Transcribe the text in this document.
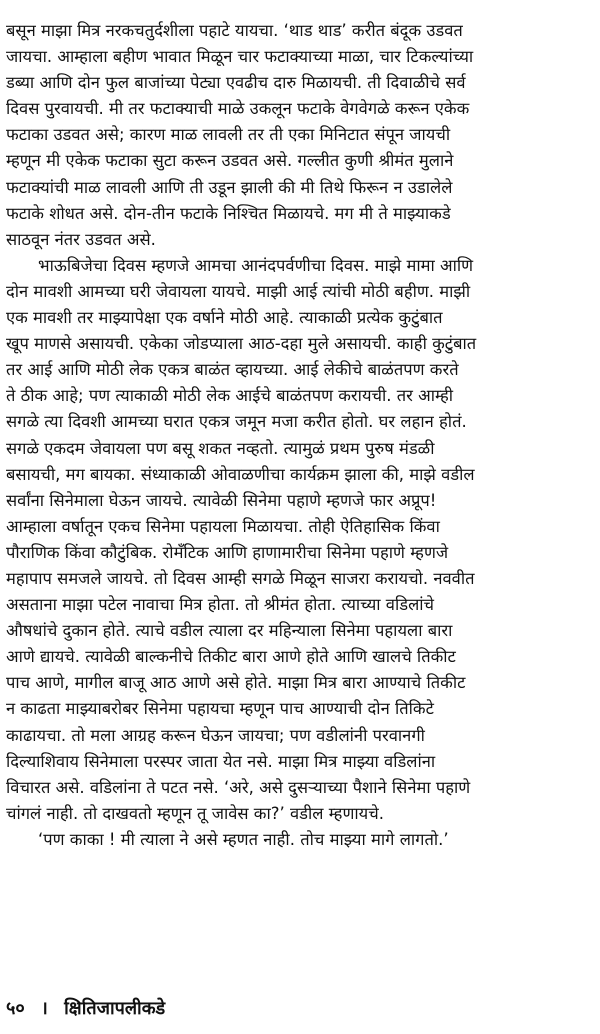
बसून माझा मित्र नरकचतुर्दशीला पहाटे यायचा. ‘थाड थाड’ करीत बंदूक उडवत
जायचा. आम्हाला बहीण भावात मिळून चार फटाक्याच्या माळा, चार टिकल्यांच्या
डब्या आणि दोन फुल बाजांच्या पेट्या एवढीच दारु मिळायची. ती दिवाळीचे सर्व
दिवस पुरवायची. मी तर फटाक्याची माळे उकलून फटाके वेगवेगळे करून एकेक
फटाका उडवत असे; कारण माळ लावली तर ती एका मिनिटात संपून जायची
म्हणून मी एकेक फटाका सुटा करून उडवत असे. गल्लीत कुणी श्रीमंत मुलाने
फटाक्यांची माळ लावली आणि ती उडून झाली की मी तिथे फिरून न उडालेले
फटाके शोधत असे. दोन-तीन फटाके निश्चित मिळायचे. मग मी ते माझ्याकडे
साठवून नंतर उडवत असे.
भाऊबिजेचा दिवस म्हणजे आमचा आनंदपर्वणीचा दिवस. माझे मामा आणि
दोन मावशी आमच्या घरी जेवायला यायचे. माझी आई त्यांची मोठी बहीण. माझी
एक मावशी तर माझ्यापेक्षा एक वर्षाने मोठी आहे. त्याकाळी प्रत्येक कुटुंबात
खूप माणसे असायची. एकेका जोडप्याला आठ-दहा मुले असायची. काही कुटुंबात
तर आई आणि मोठी लेक एकत्र बाळंत व्हायच्या. आई लेकीचे बाळंतपण करते
ते ठीक आहे; पण त्याकाळी मोठी लेक आईचे बाळंतपण करायची. तर आम्ही
सगळे त्या दिवशी आमच्या घरात एकत्र जमून मजा करीत होतो. घर लहान होतं.
सगळे एकदम जेवायला पण बसू शकत नव्हतो. त्यामुळं प्रथम पुरुष मंडळी
बसायची, मग बायका. संध्याकाळी ओवाळणीचा कार्यक्रम झाला की, माझे वडील
सर्वांना सिनेमाला घेऊन जायचे. त्यावेळी सिनेमा पहाणे म्हणजे फार अप्रूप!
आम्हाला वर्षातून एकच सिनेमा पहायला मिळायचा. तोही ऐतिहासिक किंवा
पौराणिक किंवा कौटुंबिक. रोमँटिक आणि हाणामारीचा सिनेमा पहाणे म्हणजे
महापाप समजले जायचे. तो दिवस आम्ही सगळे मिळून साजरा करायचो. नववीत
असताना माझा पटेल नावाचा मित्र होता. तो श्रीमंत होता. त्याच्या वडिलांचे
औषधांचे दुकान होते. त्याचे वडील त्याला दर महिन्याला सिनेमा पहायला बारा
आणे द्यायचे. त्यावेळी बाल्कनीचे तिकीट बारा आणे होते आणि खालचे तिकीट
पाच आणे, मागील बाजू आठ आणे असे होते. माझा मित्र बारा आण्याचे तिकीट
न काढता माझ्याबरोबर सिनेमा पहायचा म्हणून पाच आण्याची दोन तिकिटे
काढायचा. तो मला आग्रह करून घेऊन जायचा; पण वडीलांनी परवानगी
दिल्याशिवाय सिनेमाला परस्पर जाता येत नसे. माझा मित्र माझ्या वडिलांना
विचारत असे. वडिलांना ते पटत नसे. ‘अरे, असे दुसऱ्याच्या पैशाने सिनेमा पहाणे
चांगलं नाही. तो दाखवतो म्हणून तू जावेस का?’ वडील म्हणायचे.
‘पण काका ! मी त्याला ने असे म्हणत नाही. तोच माझ्या मागे लागतो.’
५० । क्षितिजापलीकडे
